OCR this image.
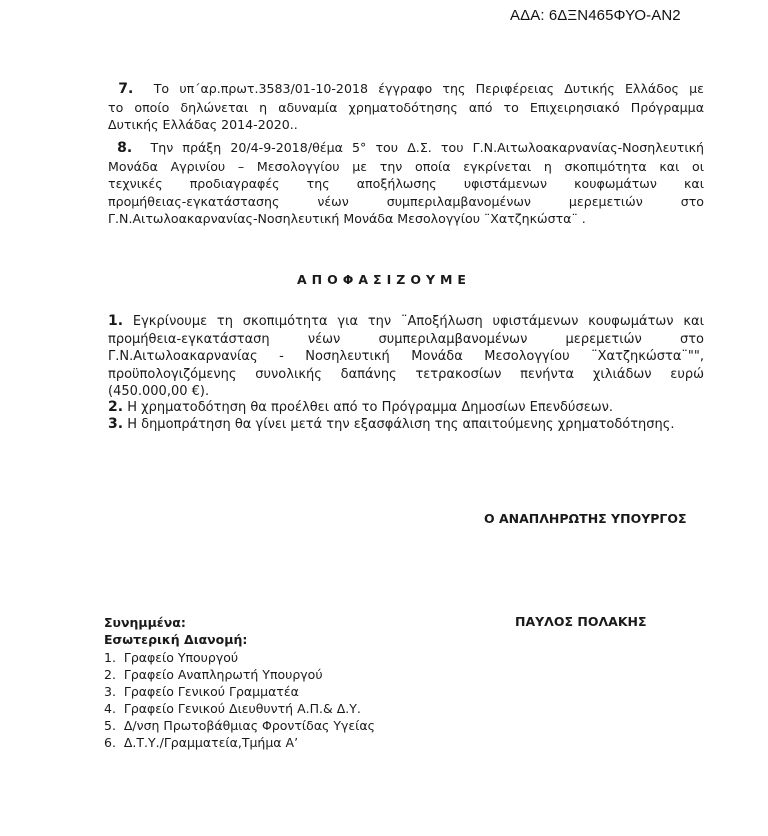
ΑΔΑ: 6ΔΞΝ465ΦΥΟ-ΑΝ2
7. Το υπ΄αρ.πρωτ.3583/01-10-2018 έγγραφο της Περιφέρειας Δυτικής Ελλάδος με
το οποίο δηλώνεται η αδυναμία χρηματοδότησης από το Επιχειρησιακό Πρόγραμμα
Δυτικής Ελλάδας 2014-2020..
8. Την πράξη 20/4-9-2018/θέμα 5° του Δ.Σ. του Γ.Ν.Αιτωλοακαρνανίας-Νοσηλευτική
Μονάδα Αγρινίου – Μεσολογγίου με την οποία εγκρίνεται η σκοπιμότητα και οι
τεχνικές προδιαγραφές της αποξήλωσης υφιστάμενων κουφωμάτων και
προμήθειας-εγκατάστασης νέων συμπεριλαμβανομένων μερεμετιών στο
Γ.Ν.Αιτωλοακαρνανίας-Νοσηλευτική Μονάδα Μεσολογγίου ¨Χατζηκώστα¨ .
ΑΠΟΦΑΣΙΖΟΥΜΕ
1. Εγκρίνουμε τη σκοπιμότητα για την ¨Αποξήλωση υφιστάμενων κουφωμάτων και
προμήθεια-εγκατάσταση νέων συμπεριλαμβανομένων μερεμετιών στο
Γ.Ν.Αιτωλοακαρνανίας - Νοσηλευτική Μονάδα Μεσολογγίου ¨Χατζηκώστα¨"",
προϋπολογιζόμενης συνολικής δαπάνης τετρακοσίων πενήντα χιλιάδων ευρώ
(450.000,00 €).
2. Η χρηματοδότηση θα προέλθει από το Πρόγραμμα Δημοσίων Επενδύσεων.
3. Η δημοπράτηση θα γίνει μετά την εξασφάλιση της απαιτούμενης χρηματοδότησης.
Ο ΑΝΑΠΛΗΡΩΤΗΣ ΥΠΟΥΡΓΟΣ
ΠΑΥΛΟΣ ΠΟΛΑΚΗΣ
Συνημμένα:
Εσωτερική Διανομή:
1.  Γραφείο Υπουργού
2.  Γραφείο Αναπληρωτή Υπουργού
3.  Γραφείο Γενικού Γραμματέα
4.  Γραφείο Γενικού Διευθυντή Α.Π.& Δ.Υ.
5.  Δ/νση Πρωτοβάθμιας Φροντίδας Υγείας
6.  Δ.Τ.Υ./Γραμματεία,Τμήμα Α’
